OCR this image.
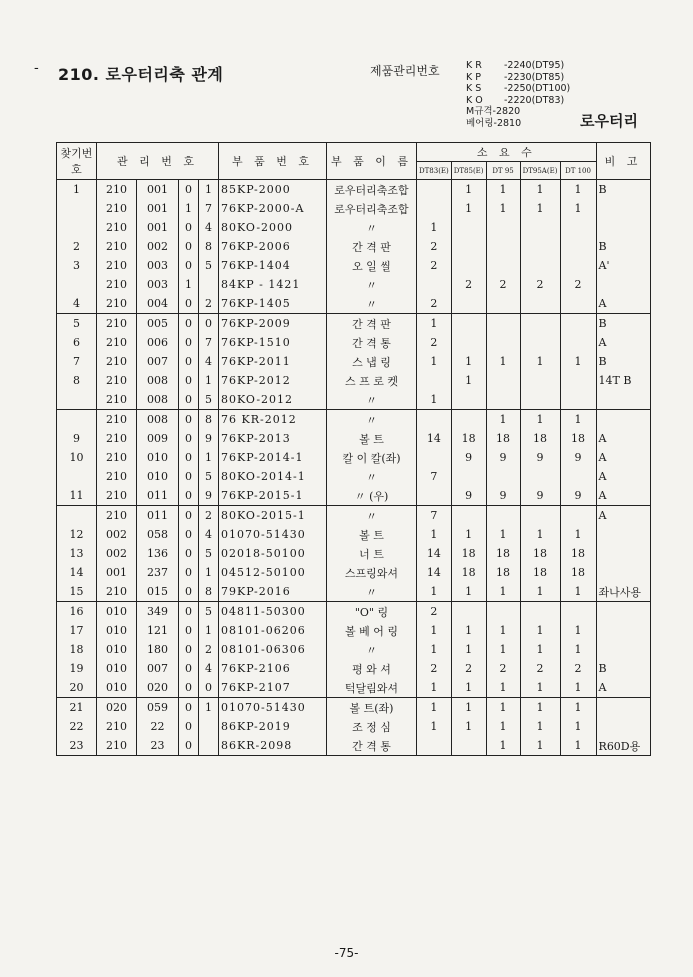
- 210. 로우터리축 관계	제품관리번호	K R -2240(DT95)
K P -2230(DT85)
K S -2250(DT100)
K O -2220(DT83)
M규격-2820
베어링-2810	로우터리
찾기번호	관 리 번 호				부 품 번 호	부 품 이 름	소 요 수					비 고
							DT83(E)	DT85(E)	DT 95	DT95A(E)	DT 100	
1	210	001	0	1	85KP-2000	로우터리축조합		1	1	1	1	B
	210	001	1	7	76KP-2000-A	로우터리축조합		1	1	1	1	
	210	001	0	4	80KO-2000	〃	1					
2	210	002	0	8	76KP-2006	간 격 판	2					B
3	210	003	0	5	76KP-1404	오 일 씰	2					A'
	210	003	1		84KP - 1421	〃		2	2	2	2	
4	210	004	0	2	76KP-1405	〃	2					A
5	210	005	0	0	76KP-2009	간 격 판	1					B
6	210	006	0	7	76KP-1510	간 격 통	2					A
7	210	007	0	4	76KP-2011	스 냅 링	1	1	1	1	1	B
8	210	008	0	1	76KP-2012	스 프 로 켓		1				14T B
	210	008	0	5	80KO-2012	〃	1					
	210	008	0	8	76 KR-2012	〃			1	1	1	
9	210	009	0	9	76KP-2013	볼 트	14	18	18	18	18	A
10	210	010	0	1	76KP-2014-1	칼 이 칼(좌)		9	9	9	9	A
	210	010	0	5	80KO-2014-1	〃	7					A
11	210	011	0	9	76KP-2015-1	〃 (우)		9	9	9	9	A
	210	011	0	2	80KO-2015-1	〃	7					A
12	002	058	0	4	01070-51430	볼 트	1	1	1	1	1	
13	002	136	0	5	02018-50100	너 트	14	18	18	18	18	
14	001	237	0	1	04512-50100	스프링와셔	14	18	18	18	18	
15	210	015	0	8	79KP-2016	〃	1	1	1	1	1	좌나사용
16	010	349	0	5	04811-50300	"O" 링	2					
17	010	121	0	1	08101-06206	볼 베 어 링	1	1	1	1	1	
18	010	180	0	2	08101-06306	〃	1	1	1	1	1	
19	010	007	0	4	76KP-2106	평 와 셔	2	2	2	2	2	B
20	010	020	0	0	76KP-2107	턱달림와셔	1	1	1	1	1	A
21	020	059	0	1	01070-51430	볼 트(좌)	1	1	1	1	1	
22	210	22	0		86KP-2019	조 정 심	1	1	1	1	1	
23	210	23	0		86KR-2098	간 격 통			1	1	1	R60D용
-75-
